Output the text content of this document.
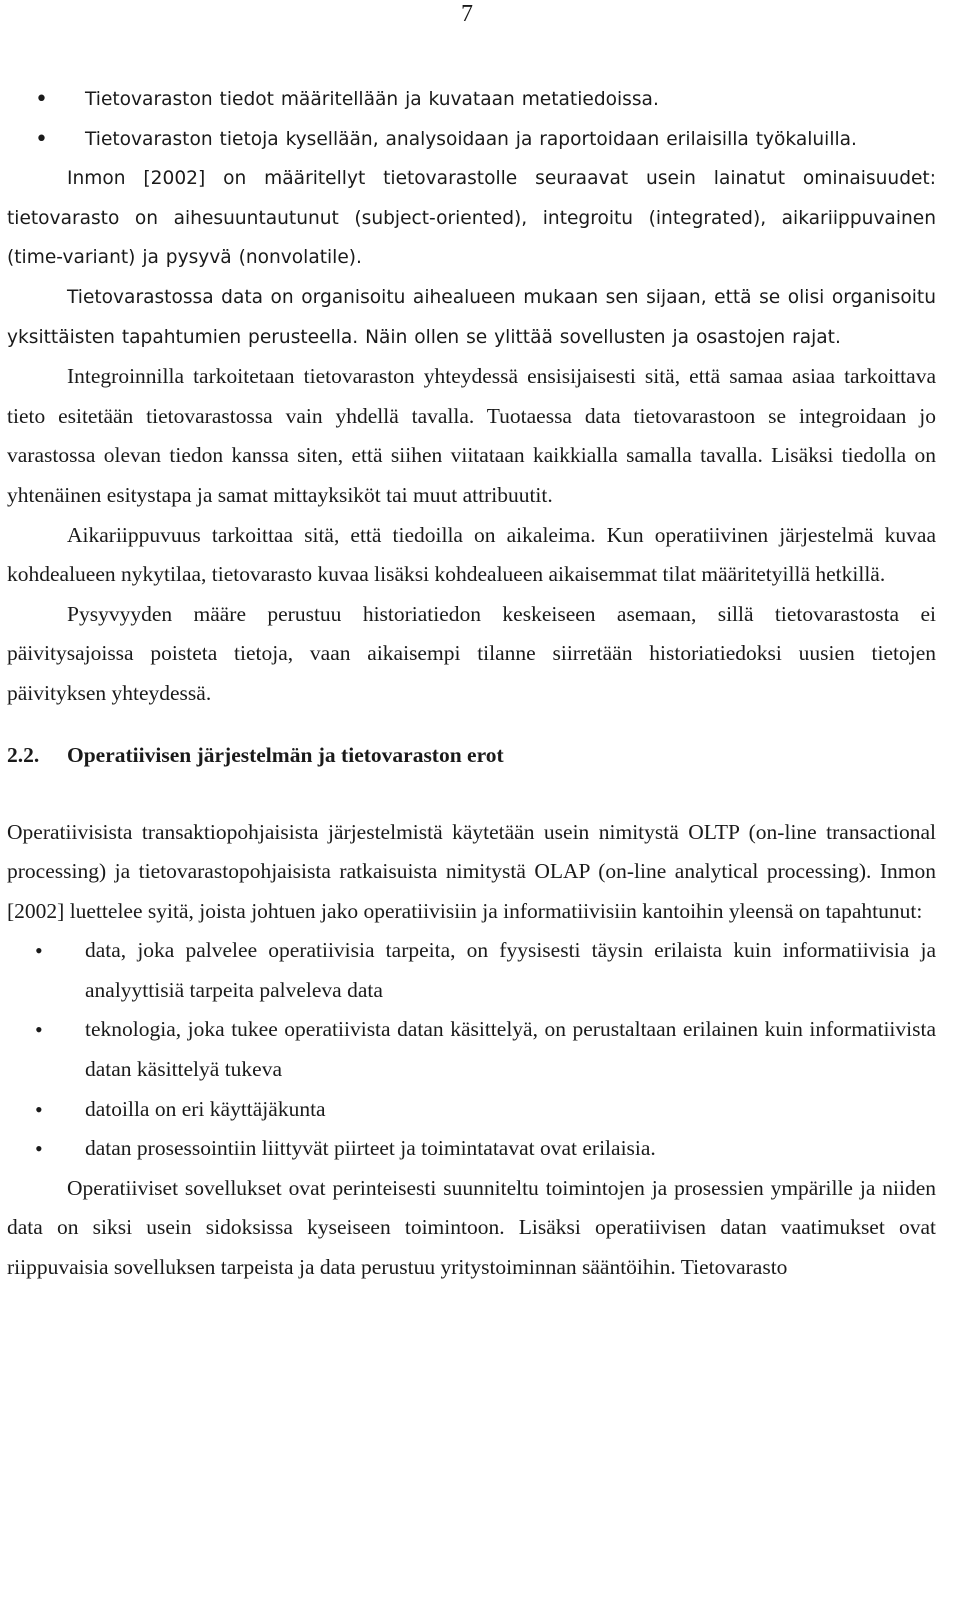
7
• Tietovaraston tiedot määritellään ja kuvataan metatiedoissa.
• Tietovaraston tietoja kysellään, analysoidaan ja raportoidaan erilaisilla työkaluilla.

Inmon [2002] on määritellyt tietovarastolle seuraavat usein lainatut ominaisuudet: tietovarasto on aihesuuntautunut (subject-oriented), integroitu (integrated), aikariippuvainen (time-variant) ja pysyvä (nonvolatile).

Tietovarastossa data on organisoitu aihealueen mukaan sen sijaan, että se olisi organisoitu yksittäisten tapahtumien perusteella. Näin ollen se ylittää sovellusten ja osastojen rajat.

Integroinnilla tarkoitetaan tietovaraston yhteydessä ensisijaisesti sitä, että samaa asiaa tarkoittava tieto esitetään tietovarastossa vain yhdellä tavalla. Tuotaessa data tietovarastoon se integroidaan jo varastossa olevan tiedon kanssa siten, että siihen viitataan kaikkialla samalla tavalla. Lisäksi tiedolla on yhtenäinen esitystapa ja samat mittayksiköt tai muut attribuutit.

Aikariippuvuus tarkoittaa sitä, että tiedoilla on aikaleima. Kun operatiivinen järjestelmä kuvaa kohdealueen nykytilaa, tietovarasto kuvaa lisäksi kohdealueen aikaisemmat tilat määritetyillä hetkillä.

Pysyvyyden määre perustuu historiatiedon keskeiseen asemaan, sillä tietovarastosta ei päivitysajoissa poisteta tietoja, vaan aikaisempi tilanne siirretään historiatiedoksi uusien tietojen päivityksen yhteydessä.

2.2.	Operatiivisen järjestelmän ja tietovaraston erot

Operatiivisista transaktiopohjaisista järjestelmistä käytetään usein nimitystä OLTP (on-line transactional processing) ja tietovarastopohjaisista ratkaisuista nimitystä OLAP (on-line analytical processing). Inmon [2002] luettelee syitä, joista johtuen jako operatiivisiin ja informatiivisiin kantoihin yleensä on tapahtunut:

• data, joka palvelee operatiivisia tarpeita, on fyysisesti täysin erilaista kuin informatiivisia ja analyyttisiä tarpeita palveleva data
• teknologia, joka tukee operatiivista datan käsittelyä, on perustaltaan erilainen kuin informatiivista datan käsittelyä tukeva
• datoilla on eri käyttäjäkunta
• datan prosessointiin liittyvät piirteet ja toimintatavat ovat erilaisia.

Operatiiviset sovellukset ovat perinteisesti suunniteltu toimintojen ja prosessien ympärille ja niiden data on siksi usein sidoksissa kyseiseen toimintoon. Lisäksi operatiivisen datan vaatimukset ovat riippuvaisia sovelluksen tarpeista ja data perustuu yritystoiminnan sääntöihin. Tietovarasto
